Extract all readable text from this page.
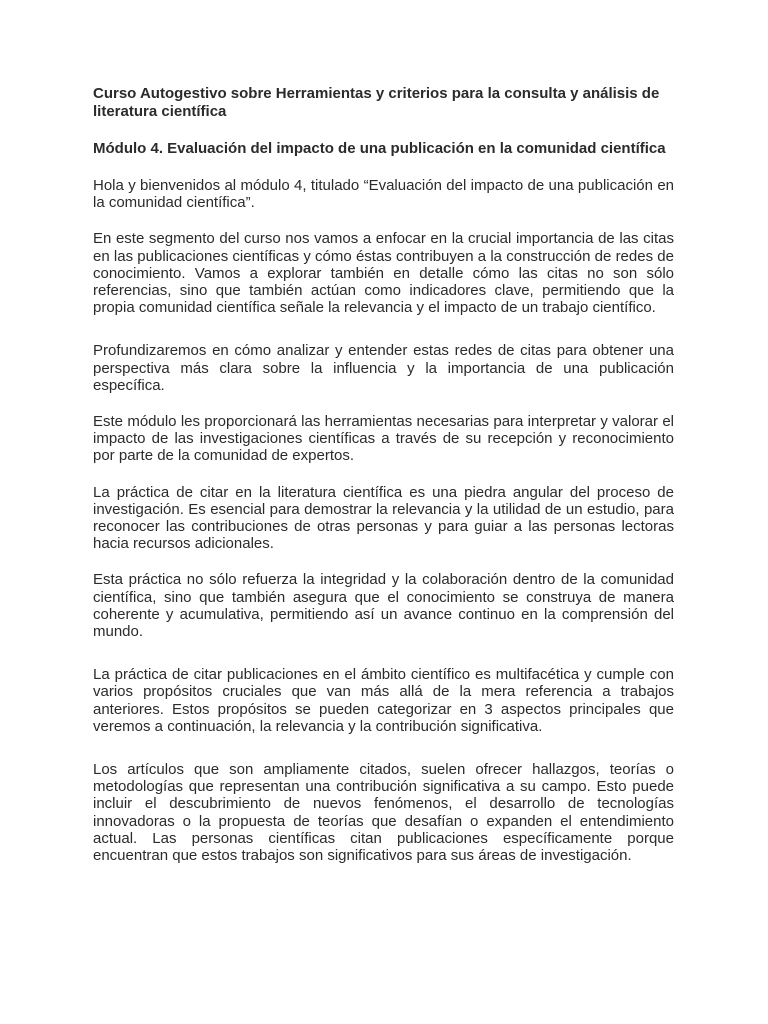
Curso Autogestivo sobre Herramientas y criterios para la consulta y análisis de literatura científica
Módulo 4. Evaluación del impacto de una publicación en la comunidad científica

Hola y bienvenidos al módulo 4, titulado “Evaluación del impacto de una publicación en la comunidad científica”.

En este segmento del curso nos vamos a enfocar en la crucial importancia de las citas en las publicaciones científicas y cómo éstas contribuyen a la construcción de redes de conocimiento. Vamos a explorar también en detalle cómo las citas no son sólo referencias, sino que también actúan como indicadores clave, permitiendo que la propia comunidad científica señale la relevancia y el impacto de un trabajo científico.

Profundizaremos en cómo analizar y entender estas redes de citas para obtener una perspectiva más clara sobre la influencia y la importancia de una publicación específica.

Este módulo les proporcionará las herramientas necesarias para interpretar y valorar el impacto de las investigaciones científicas a través de su recepción y reconocimiento por parte de la comunidad de expertos.

La práctica de citar en la literatura científica es una piedra angular del proceso de investigación. Es esencial para demostrar la relevancia y la utilidad de un estudio, para reconocer las contribuciones de otras personas y para guiar a las personas lectoras hacia recursos adicionales.

Esta práctica no sólo refuerza la integridad y la colaboración dentro de la comunidad científica, sino que también asegura que el conocimiento se construya de manera coherente y acumulativa, permitiendo así un avance continuo en la comprensión del mundo.

La práctica de citar publicaciones en el ámbito científico es multifacética y cumple con varios propósitos cruciales que van más allá de la mera referencia a trabajos anteriores. Estos propósitos se pueden categorizar en 3 aspectos principales que veremos a continuación, la relevancia y la contribución significativa.

Los artículos que son ampliamente citados, suelen ofrecer hallazgos, teorías o metodologías que representan una contribución significativa a su campo. Esto puede incluir el descubrimiento de nuevos fenómenos, el desarrollo de tecnologías innovadoras o la propuesta de teorías que desafían o expanden el entendimiento actual. Las personas científicas citan publicaciones específicamente porque encuentran que estos trabajos son significativos para sus áreas de investigación.
